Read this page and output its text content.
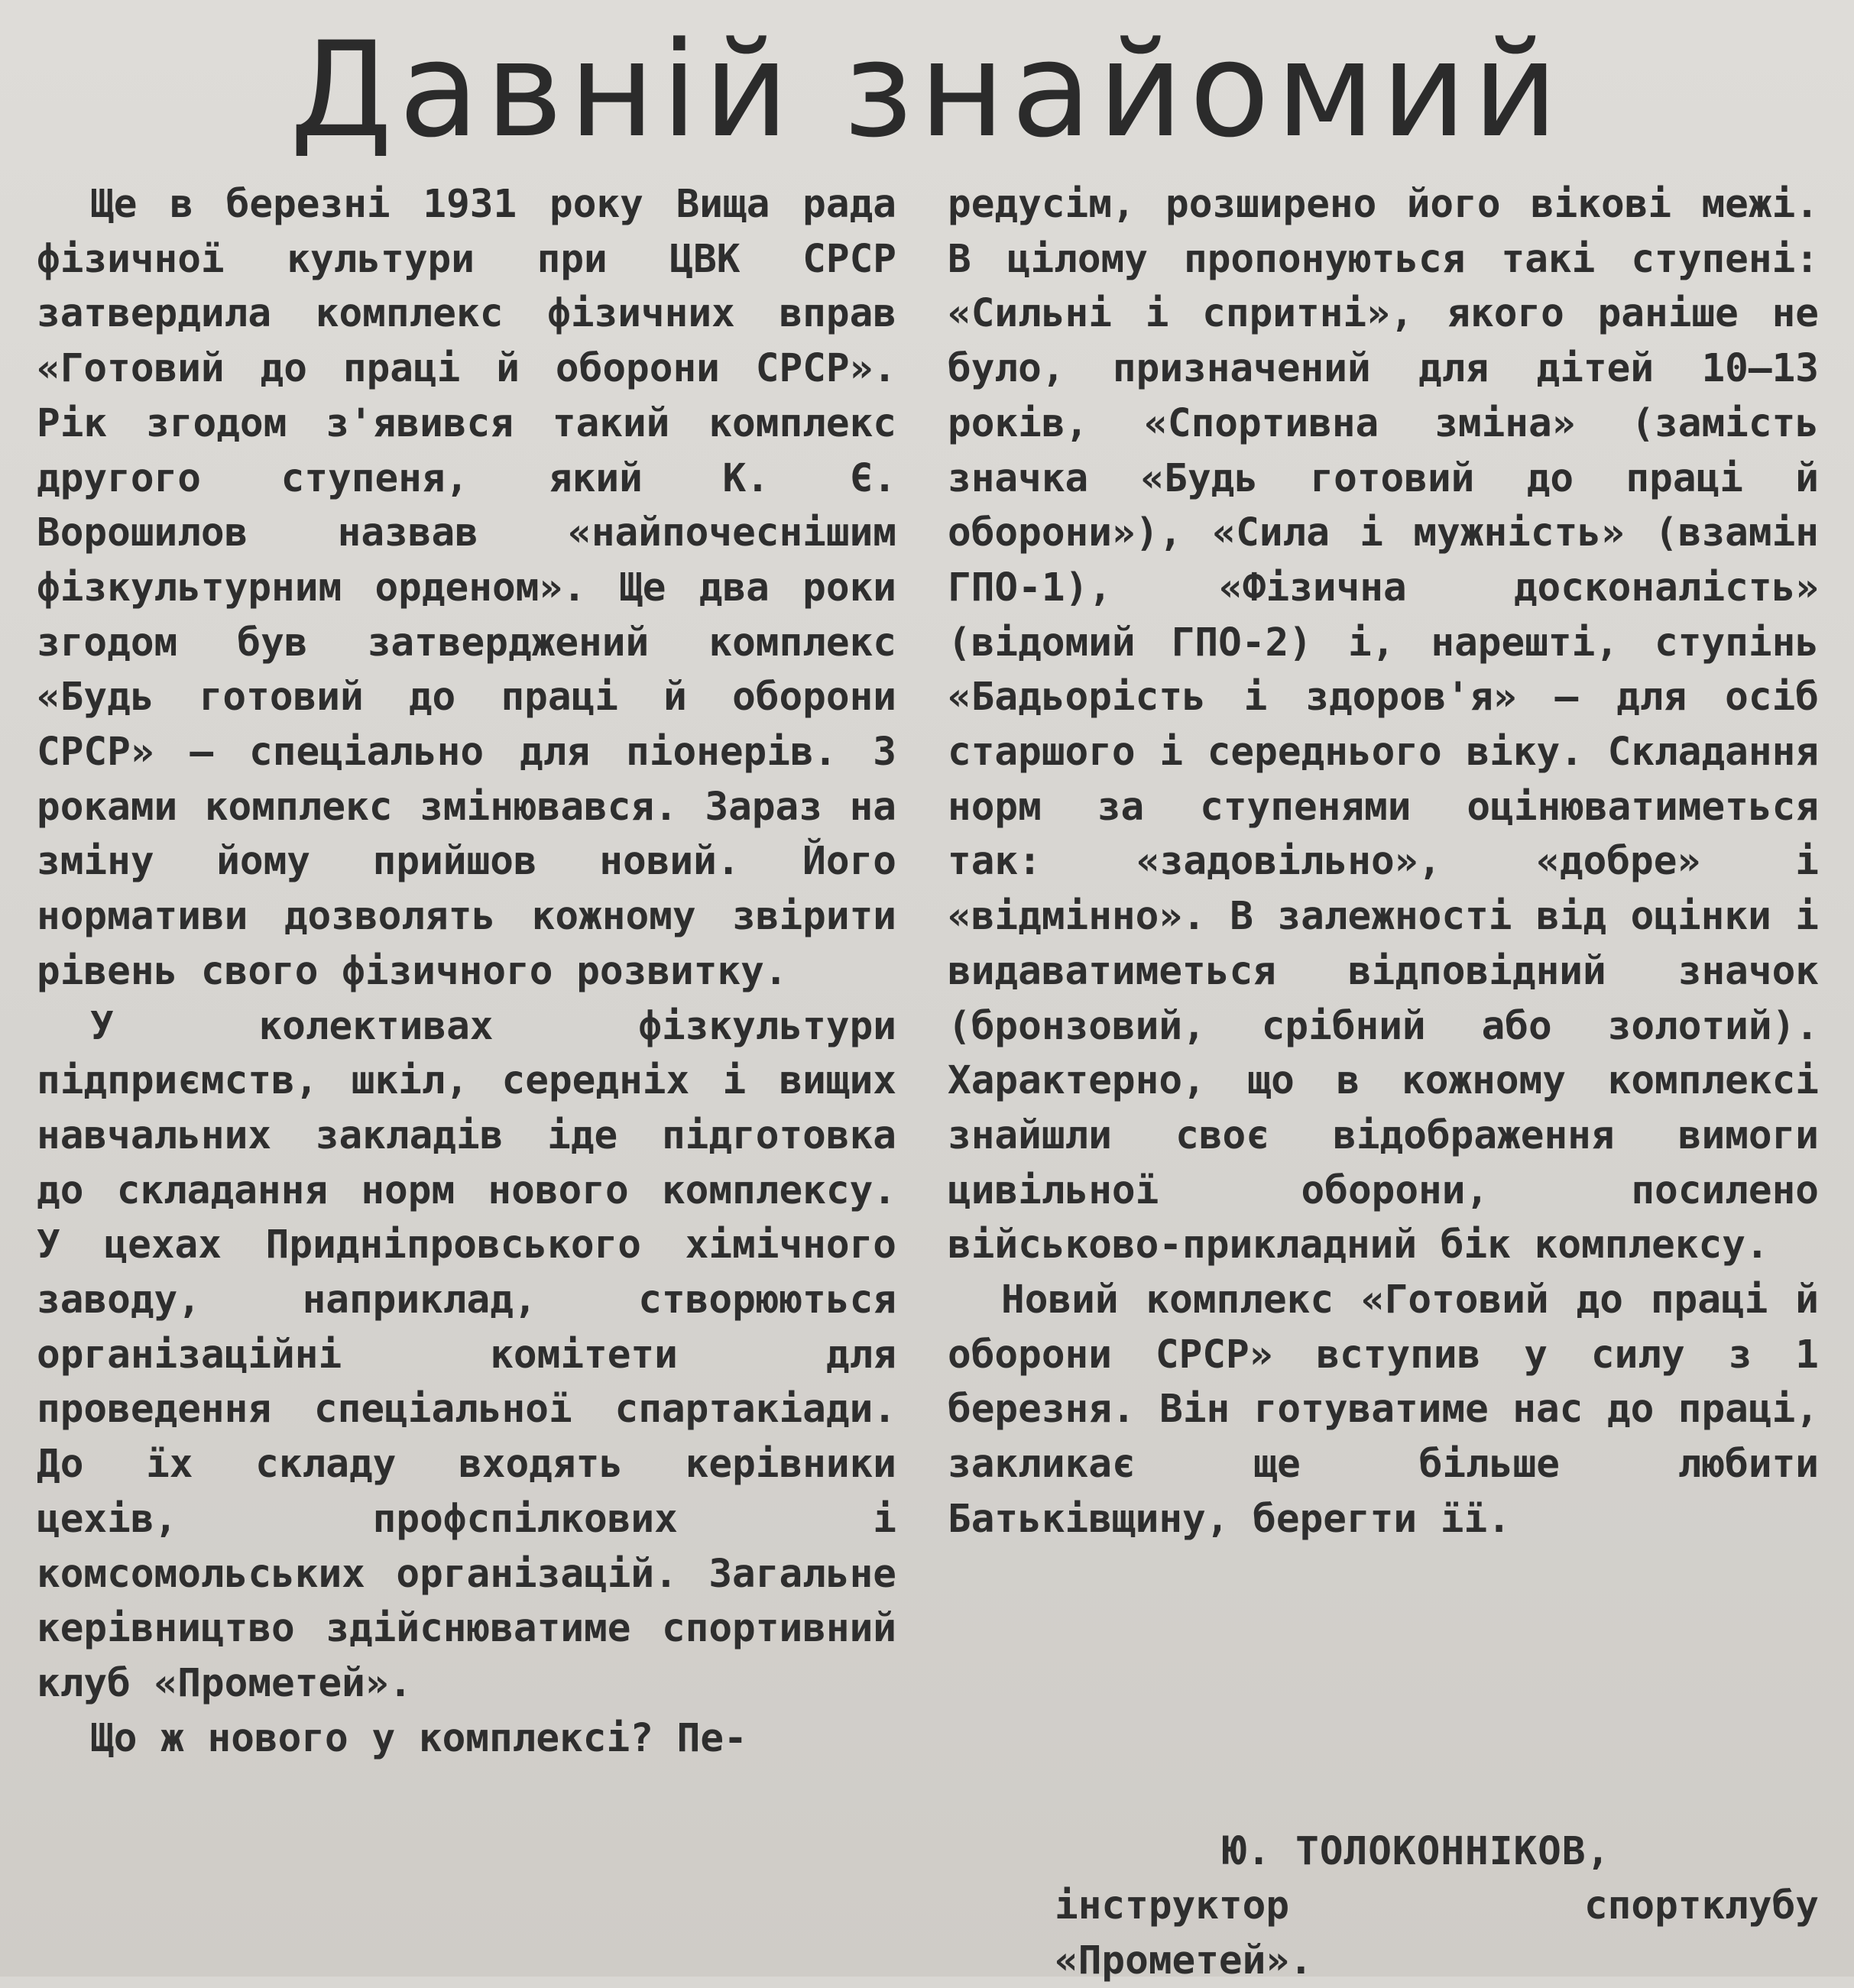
Давній знайомий

Ще в березні 1931 року Вища рада фізичної культури при ЦВК СРСР затвердила комплекс фізичних вправ «Готовий до праці й оборони СРСР». Рік згодом з'явився такий комплекс другого ступеня, який К. Є. Ворошилов назвав «найпочеснішим фізкультурним орденом». Ще два роки згодом був затверджений комплекс «Будь готовий до праці й оборони СРСР» — спеціально для піонерів. З роками комплекс змінювався. Зараз на зміну йому прийшов новий. Його нормативи дозволять кожному звірити рівень свого фізичного розвитку.

У колективах фізкультури підприємств, шкіл, середніх і вищих навчальних закладів іде підготовка до складання норм нового комплексу. У цехах Придніпровського хімічного заводу, наприклад, створюються організаційні комітети для проведення спеціальної спартакіади. До їх складу входять керівники цехів, профспілкових і комсомольських організацій. Загальне керівництво здійснюватиме спортивний клуб «Прометей».

Що ж нового у комплексі? Пе-

редусім, розширено його вікові межі. В цілому пропонуються такі ступені: «Сильні і спритні», якого раніше не було, призначений для дітей 10—13 років, «Спортивна зміна» (замість значка «Будь готовий до праці й оборони»), «Сила і мужність» (взамін ГПО-1), «Фізична досконалість» (відомий ГПО-2) і, нарешті, ступінь «Бадьорість і здоров'я» — для осіб старшого і середнього віку. Складання норм за ступенями оцінюватиметься так: «задовільно», «добре» і «відмінно». В залежності від оцінки і видаватиметься відповідний значок (бронзовий, срібний або золотий). Характерно, що в кожному комплексі знайшли своє відображення вимоги цивільної оборони, посилено військово-прикладний бік комплексу.

Новий комплекс «Готовий до праці й оборони СРСР» вступив у силу з 1 березня. Він готуватиме нас до праці, закликає ще більше любити Батьківщину, берегти її.

Ю. ТОЛОКОННІКОВ,
інструктор спортклубу «Прометей».
